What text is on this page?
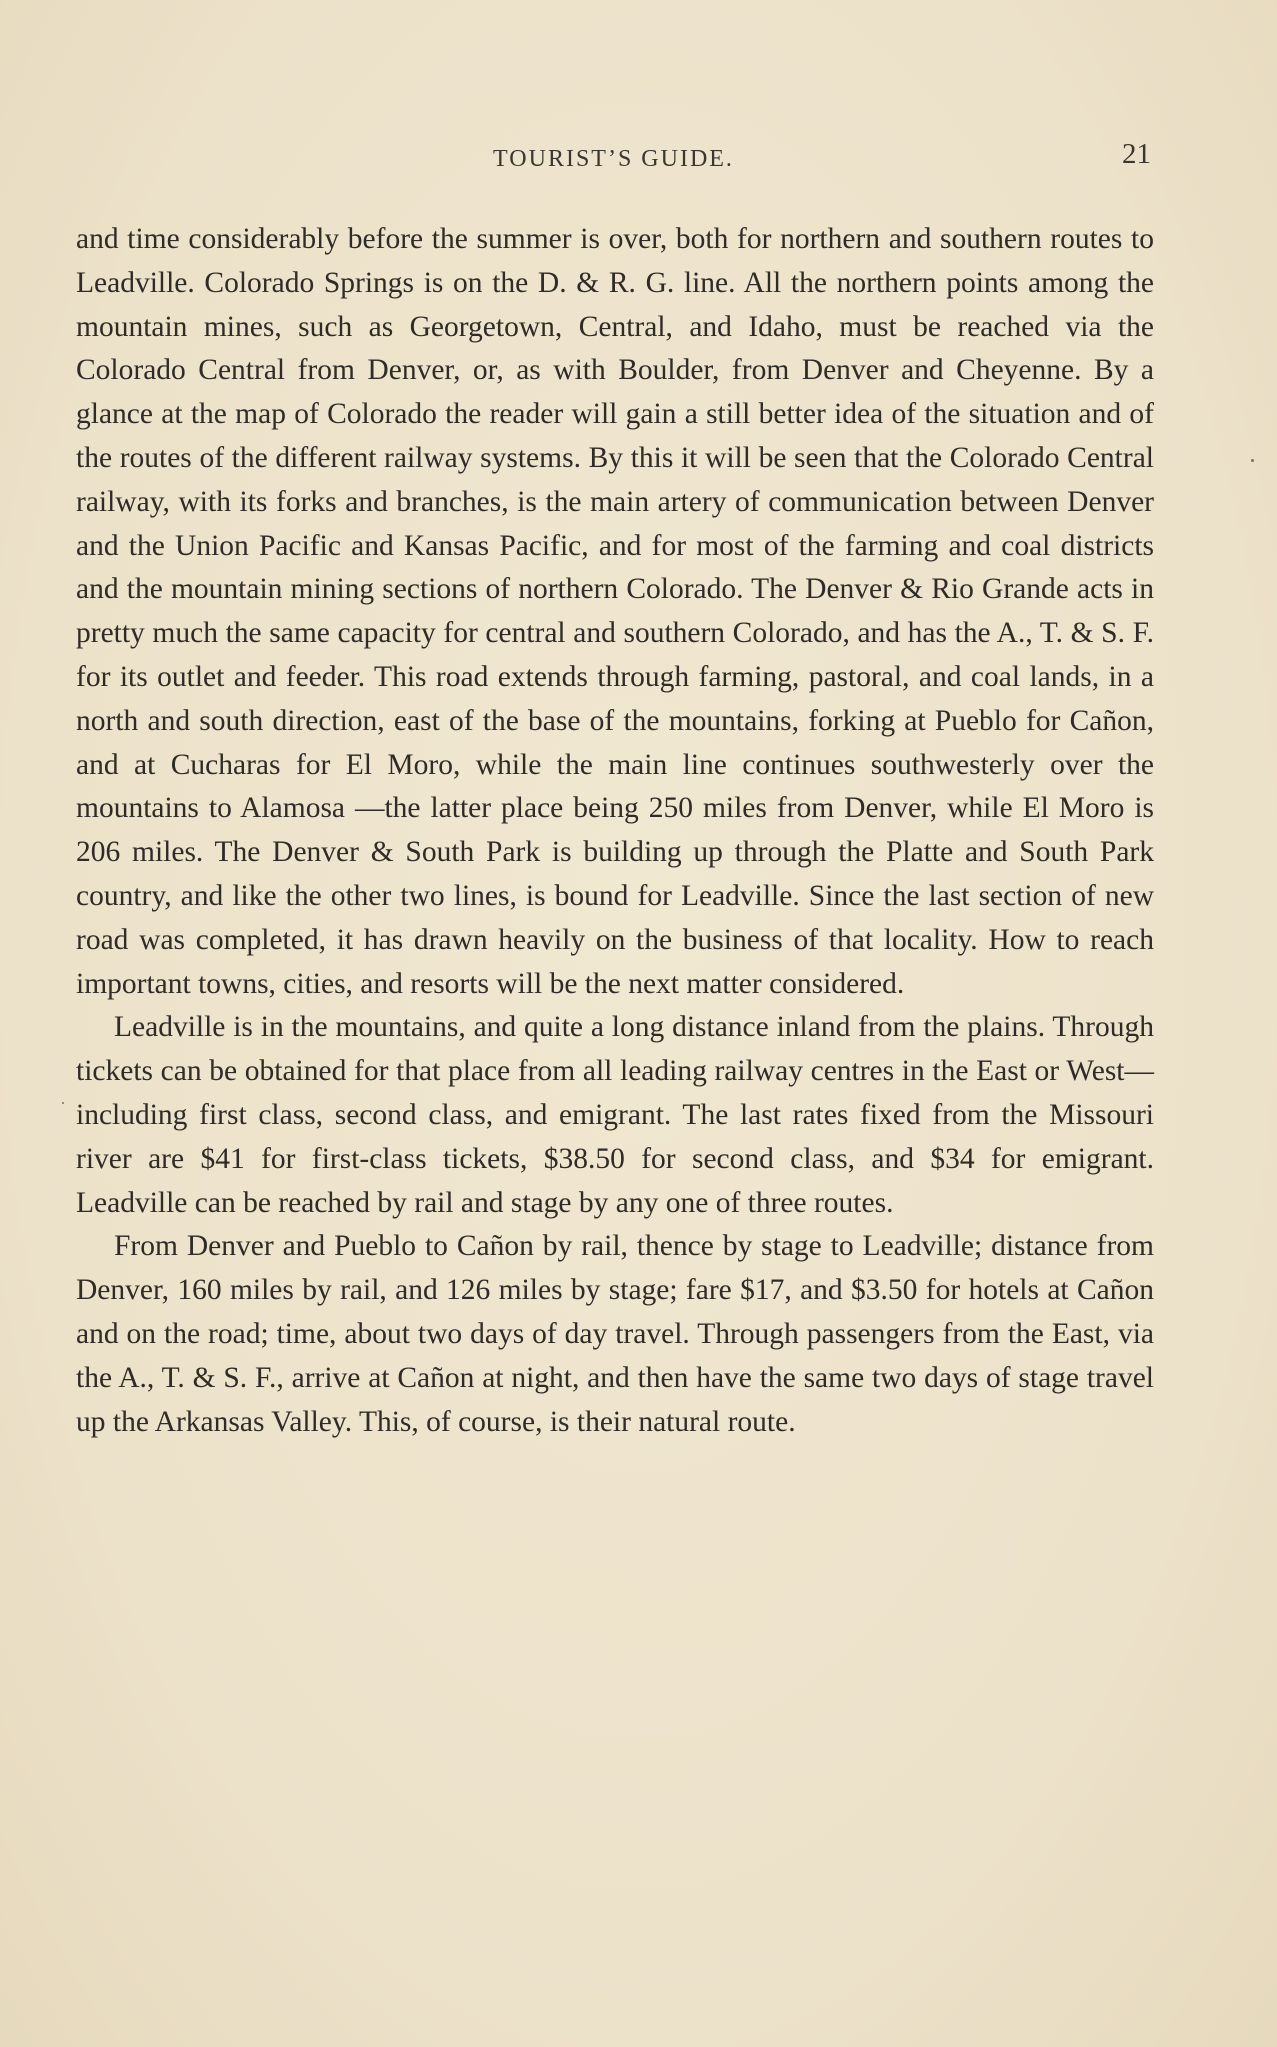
TOURIST’S GUIDE.	21

and time considerably before the summer is over, both for northern and southern routes to Leadville. Colorado Springs is on the D. & R. G. line. All the northern points among the mountain mines, such as Georgetown, Central, and Idaho, must be reached via the Colorado Central from Denver, or, as with Boulder, from Denver and Cheyenne. By a glance at the map of Colorado the reader will gain a still better idea of the situation and of the routes of the different railway systems. By this it will be seen that the Colorado Central railway, with its forks and branches, is the main artery of communication between Denver and the Union Pacific and Kansas Pacific, and for most of the farming and coal districts and the mountain mining sections of northern Colorado. The Denver & Rio Grande acts in pretty much the same capacity for central and southern Colorado, and has the A., T. & S. F. for its outlet and feeder. This road extends through farming, pastoral, and coal lands, in a north and south direction, east of the base of the mountains, forking at Pueblo for Cañon, and at Cucharas for El Moro, while the main line continues southwesterly over the mountains to Alamosa —the latter place being 250 miles from Denver, while El Moro is 206 miles. The Denver & South Park is building up through the Platte and South Park country, and like the other two lines, is bound for Leadville. Since the last section of new road was completed, it has drawn heavily on the business of that locality. How to reach important towns, cities, and resorts will be the next matter considered.

Leadville is in the mountains, and quite a long distance inland from the plains. Through tickets can be obtained for that place from all leading railway centres in the East or West—including first class, second class, and emigrant. The last rates fixed from the Missouri river are $41 for first-class tickets, $38.50 for second class, and $34 for emigrant. Leadville can be reached by rail and stage by any one of three routes.

From Denver and Pueblo to Cañon by rail, thence by stage to Leadville; distance from Denver, 160 miles by rail, and 126 miles by stage; fare $17, and $3.50 for hotels at Cañon and on the road; time, about two days of day travel. Through passengers from the East, via the A., T. & S. F., arrive at Cañon at night, and then have the same two days of stage travel up the Arkansas Valley. This, of course, is their natural route.
